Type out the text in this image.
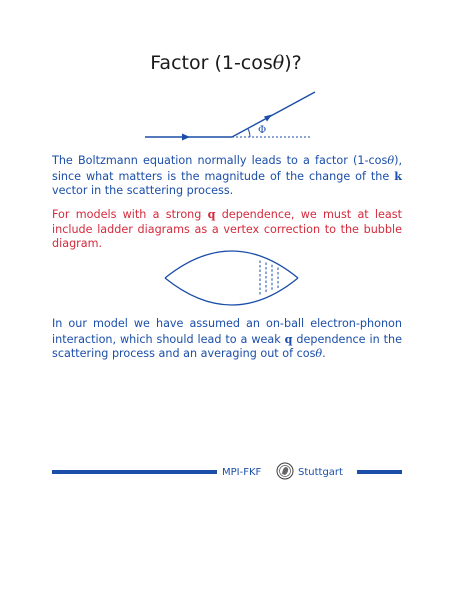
Factor (1-cosθ)?
Φ
The Boltzmann equation normally leads to a factor (1-cosθ), since what matters is the magnitude of the change of the k vector in the scattering process.
For models with a strong q dependence, we must at least include ladder diagrams as a vertex correction to the bubble diagram.
In our model we have assumed an on-ball electron-phonon interaction, which should lead to a weak q dependence in the scattering process and an averaging out of cosθ.
MPI-FKF	Stuttgart
